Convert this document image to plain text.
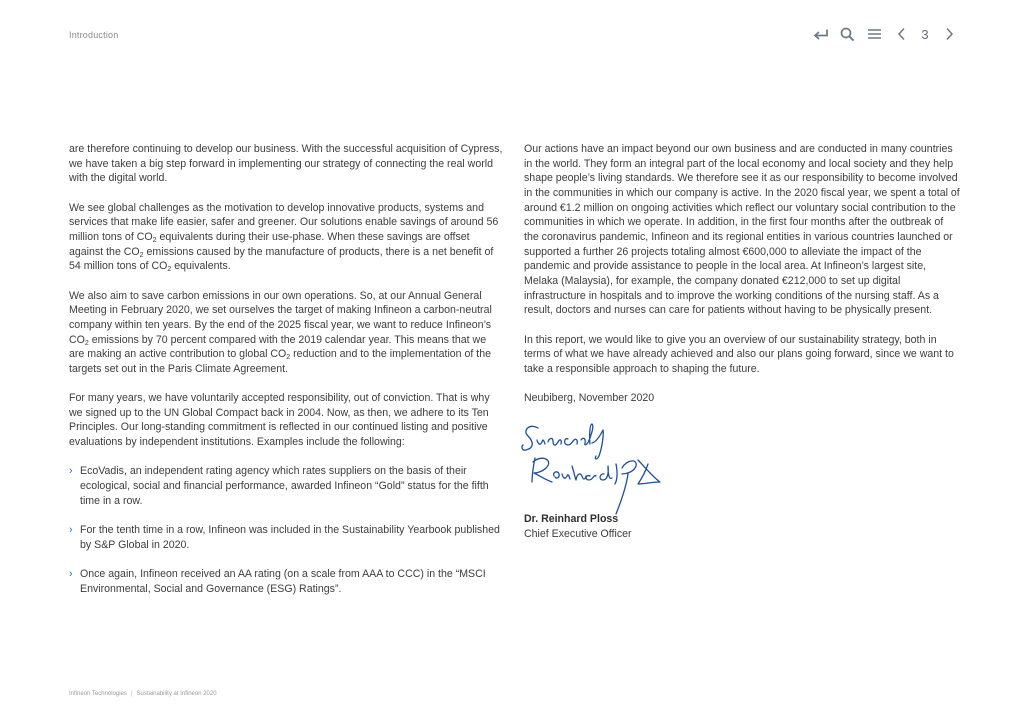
Introduction	3

are therefore continuing to develop our business. With the successful acquisition of Cypress, we have taken a big step forward in implementing our strategy of connecting the real world with the digital world.

We see global challenges as the motivation to develop innovative products, systems and services that make life easier, safer and greener. Our solutions enable savings of around 56 million tons of $CO_2$ equivalents during their use-phase. When these savings are offset against the $CO_2$ emissions caused by the manufacture of products, there is a net benefit of 54 million tons of $CO_2$ equivalents.

We also aim to save carbon emissions in our own operations. So, at our Annual General Meeting in February 2020, we set ourselves the target of making Infineon a carbon-neutral company within ten years. By the end of the 2025 fiscal year, we want to reduce Infineon’s $CO_2$ emissions by 70 percent compared with the 2019 calendar year. This means that we are making an active contribution to global $CO_2$ reduction and to the implementation of the targets set out in the Paris Climate Agreement.

For many years, we have voluntarily accepted responsibility, out of conviction. That is why we signed up to the UN Global Compact back in 2004. Now, as then, we adhere to its Ten Principles. Our long-standing commitment is reflected in our continued listing and positive evaluations by independent institutions. Examples include the following:

› EcoVadis, an independent rating agency which rates suppliers on the basis of their ecological, social and financial performance, awarded Infineon “Gold” status for the fifth time in a row.
› For the tenth time in a row, Infineon was included in the Sustainability Yearbook published by S&P Global in 2020.
› Once again, Infineon received an AA rating (on a scale from AAA to CCC) in the “MSCI Environmental, Social and Governance (ESG) Ratings”.

Our actions have an impact beyond our own business and are conducted in many countries in the world. They form an integral part of the local economy and local society and they help shape people’s living standards. We therefore see it as our responsibility to become involved in the communities in which our company is active. In the 2020 fiscal year, we spent a total of around €1.2 million on ongoing activities which reflect our voluntary social contribution to the communities in which we operate. In addition, in the first four months after the outbreak of the coronavirus pandemic, Infineon and its regional entities in various countries launched or supported a further 26 projects totaling almost €600,000 to alleviate the impact of the pandemic and provide assistance to people in the local area. At Infineon’s largest site, Melaka (Malaysia), for example, the company donated €212,000 to set up digital infrastructure in hospitals and to improve the working conditions of the nursing staff. As a result, doctors and nurses can care for patients without having to be physically present.

In this report, we would like to give you an overview of our sustainability strategy, both in terms of what we have already achieved and also our plans going forward, since we want to take a responsible approach to shaping the future.

Neubiberg, November 2020

Dr. Reinhard Ploss
Chief Executive Officer
Infineon Technologies | Sustainability at Infineon 2020
